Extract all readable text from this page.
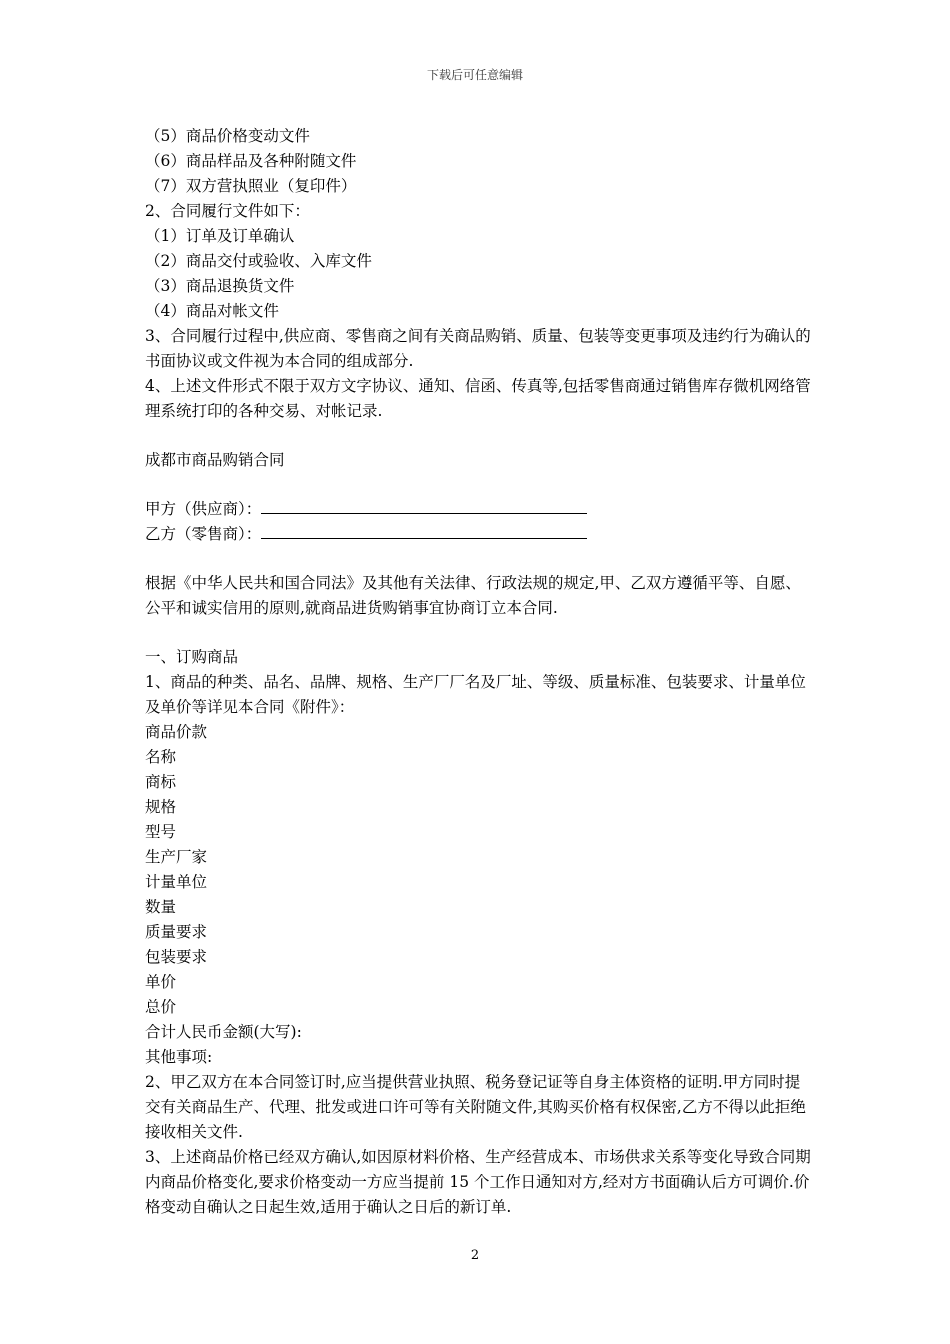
下载后可任意编辑
（5）商品价格变动文件
（6）商品样品及各种附随文件
（7）双方营执照业（复印件）
2、合同履行文件如下：
（1）订单及订单确认
（2）商品交付或验收、入库文件
（3）商品退换货文件
（4）商品对帐文件
3、合同履行过程中,供应商、零售商之间有关商品购销、质量、包装等变更事项及违约行为确认的书面协议或文件视为本合同的组成部分.
4、上述文件形式不限于双方文字协议、通知、信函、传真等,包括零售商通过销售库存微机网络管理系统打印的各种交易、对帐记录.
成都市商品购销合同
甲方（供应商）：
乙方（零售商）：
根据《中华人民共和国合同法》及其他有关法律、行政法规的规定,甲、乙双方遵循平等、自愿、公平和诚实信用的原则,就商品进货购销事宜协商订立本合同.
一、订购商品
1、商品的种类、品名、品牌、规格、生产厂厂名及厂址、等级、质量标准、包装要求、计量单位及单价等详见本合同《附件》：
商品价款
名称
商标
规格
型号
生产厂家
计量单位
数量
质量要求
包装要求
单价
总价
合计人民币金额(大写):
其他事项:
2、甲乙双方在本合同签订时,应当提供营业执照、税务登记证等自身主体资格的证明.甲方同时提交有关商品生产、代理、批发或进口许可等有关附随文件,其购买价格有权保密,乙方不得以此拒绝接收相关文件.
3、上述商品价格已经双方确认,如因原材料价格、生产经营成本、市场供求关系等变化导致合同期内商品价格变化,要求价格变动一方应当提前 15 个工作日通知对方,经对方书面确认后方可调价.价格变动自确认之日起生效,适用于确认之日后的新订单.
2
